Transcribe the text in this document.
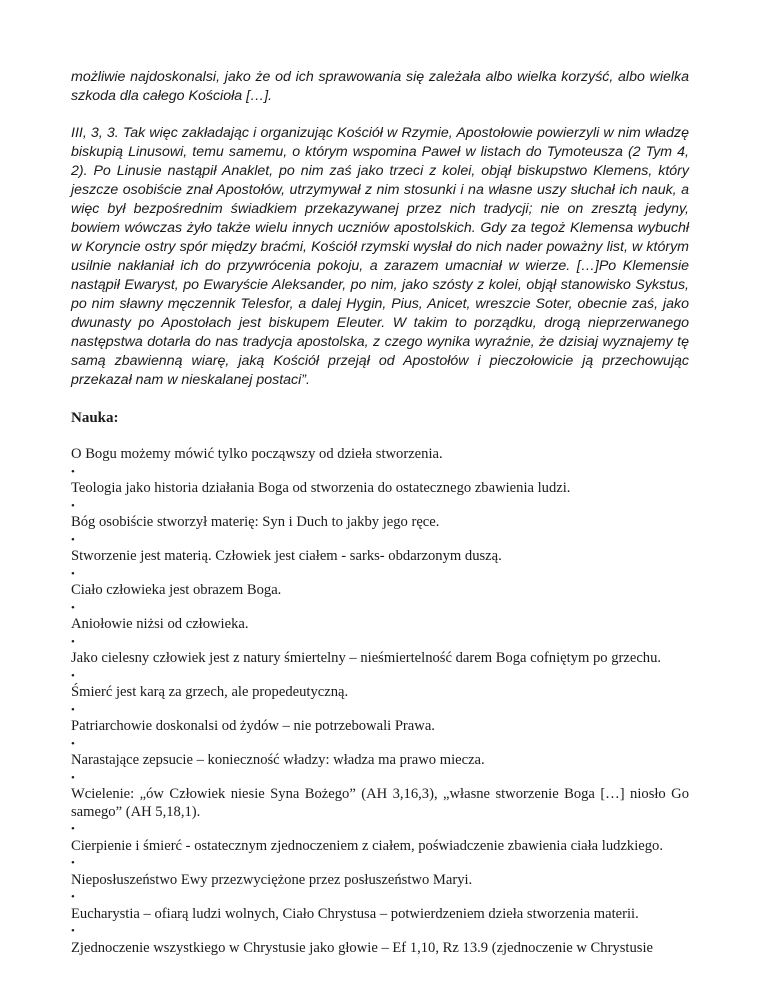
możliwie najdoskonalsi, jako że od ich sprawowania się zależała albo wielka korzyść, albo wielka szkoda dla całego Kościoła […].

III, 3, 3. Tak więc zakładając i organizując Kościół w Rzymie, Apostołowie powierzyli w nim władzę biskupią Linusowi, temu samemu, o którym wspomina Paweł w listach do Tymoteusza (2 Tym 4, 2). Po Linusie nastąpił Anaklet, po nim zaś jako trzeci z kolei, objął biskupstwo Klemens, który jeszcze osobiście znał Apostołów, utrzymywał z nim stosunki i na własne uszy słuchał ich nauk, a więc był bezpośrednim świadkiem przekazywanej przez nich tradycji; nie on zresztą jedyny, bowiem wówczas żyło także wielu innych uczniów apostolskich. Gdy za tegoż Klemensa wybuchł w Koryncie ostry spór między braćmi, Kościół rzymski wysłał do nich nader poważny list, w którym usilnie nakłaniał ich do przywrócenia pokoju, a zarazem umacniał w wierze. […]Po Klemensie nastąpił Ewaryst, po Ewaryście Aleksander, po nim, jako szósty z kolei, objął stanowisko Sykstus, po nim sławny męczennik Telesfor, a dalej Hygin, Pius, Anicet, wreszcie Soter, obecnie zaś, jako dwunasty po Apostołach jest biskupem Eleuter. W takim to porządku, drogą nieprzerwanego następstwa dotarła do nas tradycja apostolska, z czego wynika wyraźnie, że dzisiaj wyznajemy tę samą zbawienną wiarę, jaką Kościół przejął od Apostołów i pieczołowicie ją przechowując przekazał nam w nieskalanej postaci”.

Nauka:

O Bogu możemy mówić tylko począwszy od dzieła stworzenia.

•

Teologia jako historia działania Boga od stworzenia do ostatecznego zbawienia ludzi.

•

Bóg osobiście stworzył materię: Syn i Duch to jakby jego ręce.

•

Stworzenie jest materią. Człowiek jest ciałem - sarks- obdarzonym duszą.

•

Ciało człowieka jest obrazem Boga.

•

Aniołowie niżsi od człowieka.

•

Jako cielesny człowiek jest z natury śmiertelny – nieśmiertelność darem Boga cofniętym po grzechu.

•

Śmierć jest karą za grzech, ale propedeutyczną.

•

Patriarchowie doskonalsi od żydów – nie potrzebowali Prawa.

•

Narastające zepsucie – konieczność władzy: władza ma prawo miecza.

•

Wcielenie: „ów Człowiek niesie Syna Bożego” (AH 3,16,3), „własne stworzenie Boga […] niosło Go samego” (AH 5,18,1).

•

Cierpienie i śmierć - ostatecznym zjednoczeniem z ciałem, poświadczenie zbawienia ciała ludzkiego.

•

Nieposłuszeństwo Ewy przezwyciężone przez posłuszeństwo Maryi.

•

Eucharystia – ofiarą ludzi wolnych, Ciało Chrystusa – potwierdzeniem dzieła stworzenia materii.

•

Zjednoczenie wszystkiego w Chrystusie jako głowie – Ef 1,10, Rz 13.9 (zjednoczenie w Chrystusie
